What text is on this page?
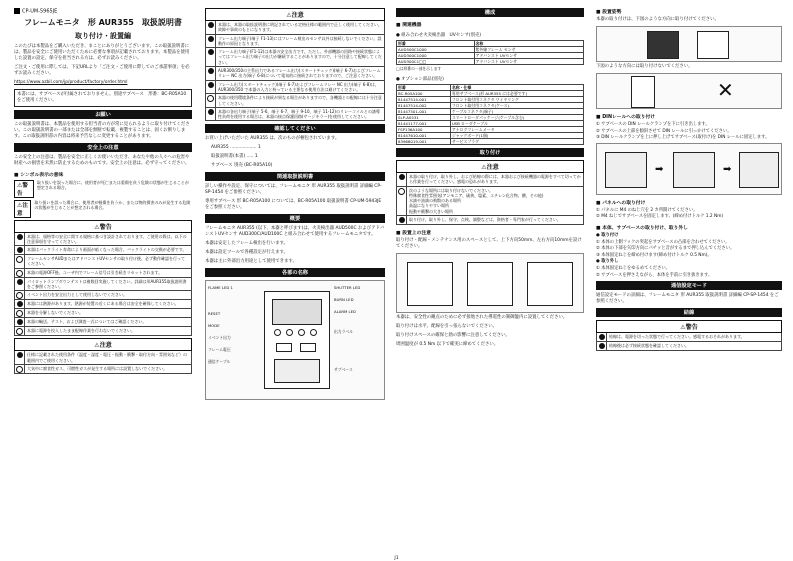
CP-UM-5965JE
フレームモニタ　形 AUR355　取扱説明書
取り付け・設置編
このたびは本製品をご購入いただき、まことにありがとうございます。この取扱説明書には、製品を安全にご使用いただくために必要な事項が記載されております。本製品を使用した設置の設定、保守を担当される方は、必ずお読みください。
ご注文・ご使用に際しては、下記URLより「ご注文・ご使用に際してのご承諾事項」を必ずお読みください。
https://www.azbil.com/jp/product/factory/order.html
本書には、サブベースが付属されておりません。別途サブベース　形番：BC-R05A10 をご使用ください。
お願い
この取扱説明書は、本製品を使用する担当者の方が常に見られるように取り付けてください。この取扱説明書の一部または全部を無断で転載、複製することは、固くお断りします。この取扱説明書の内容は将来予告なしに変更することがあります。
安全上の注意
この安全上の注意は、製品を安全に正しくお使いいただき、あなたや他の人々への危害や財産への損害を未然に防止するためのものです。安全上の注意は、必ず守ってください。
■ シンボル表示の意味
⚠警告
取り扱いを誤った場合に、使用者が死亡または重傷を負う危険の状態が生じることが想定される場合。
⚠注意
取り扱いを誤った場合に、使用者が軽傷を負うか、または物的損害のみが発生する危険の状態が生じることが想定される場合。
⚠警告
本器は、規格等の安全に関する規格に基づき設計されております。ご使用の際は、以下の注意事項を守ってください。
本器はバックライト寿命により画面が暗くなった場合、バックライトの交換が必要です。
フレームセンサAUDまたはアドバンストUVセンサの取り付け後、必ず動作確認を行ってください。
本器の電源OFF後、ユーザ内でフレーム信号は引き続きリセットされます。
パイロットランプダウンテストは複数回実施してください。詳細は形AUR355取扱説明書をご参照ください。
イベント出力を安全出力として使用しないでください。
本器には熱源があります。熱源が装置の近くにある場合は安全を確保してください。
本器を分解しないでください。
本器の輸送、テスト、および調査一式についてはご確認ください。
本器に電源を投入したまま配線作業を行わないでください。
⚠注意
仕様に記載された使用条件（温度・湿度・電圧・振動・衝撃・取付方向・雰囲気など）の範囲内でご使用ください。
大気中に腐食性ガス、可燃性ガスが発生する場所には設置しないでください。
⚠注意
本器は、本器の取扱説明書に明記されている定格仕様の範囲内で正しく使用してください。故障や事故のもとになります。
フレーム出力端子(端子 F1-13)にはフレーム検出のセンサ以外は接続しないでください。誤動作の原因となります。
フレーム出力端子(F1-12)は本器の安全出力です。ただし、外部機器の回路や接続状態によってはフレーム出力端子の出力が継続することがありますので、十分注意して配線してください。
AUR300/350の主系出力であるフレーム出力(スタートチェック)(端子 6-7)およびフレームリレー NC 出力(端子 6-8)について電気的に接続されておりますので、ご注意ください。
フレーム出力(スタートチェック)(端子 6-7)およびフレームリレー NC 出力(端子 6-8)は、AUR300/350 で本器の入力と持っている主要なる使用方法は避けてください。
本器の使用環境条件により接続が異なる場合がありますので、各機器との配線には十分注意してください。
本器の各出力端子(端子 5-6、端子 6-7、端子 9-10、端子 11-12)のリレーコイルとの誘導性負荷を使用する場合は、本器の接点保護回路(サージキラー)を使用してください。
確認してください
お買い上げいただいた AUR355 は、次のものが梱包されています。
AUR355 ................... 1
取扱説明書(本書) ..... 1
サブベース 別売 (BC-R05A10)
関連取扱説明書
詳しい操作や設定、保守については、フレームモニタ 形 AUR355 取扱説明書 詳細編 CP-SP-1454 をご参照ください。
専用サブベース 形 BC-R05A100 については、BC-R05A100 取扱説明書 CP-UM-5943JE をご参照ください。
概要
フレームモニタ AUR355 (以下、本器と呼びます)は、火炎検出器 AUD500C およびアドバンストUVセンサ AUD300C/AUD100C と組み合わせて使用するフレームモニタです。
本器は安定したフレーム検出を行います。
本器は設定ツールで各種設定が行えます。
本器は主に外部出力用途として使用できます。
各部の名称
FLAME LED 1
RESET
MODE
イベント出力
フレーム電圧
通信ケーブル
SHUTTER LED
BURN LED
ALARM LED
出力ラベル
サブベース
構成
■ 関連機器
● 組み合わせ火炎検出器　UVセンサ(別売)
形番	名称
AUD500C1000	紫外線フレーム センサ
AUD300C1000	アドバンスト UVセンサ
AUD300C1□□	アドバンスト UVセンサ
□は形番の一部を示します
● オプション部品(別売)
形番	名称・仕様
BC-R05A100	専用サブベース(形 AUR355 には必要です)
81447514-001	フロント取付用コネクタ ワイヤリング
81447514-002	フロント取付用コネクタ(ケース)
81447501-001	ケーブルコネクタ(端子)
SLP-AS531	スマートローダパッケージ(ケーブル含む)
81441177-001	USB ローダケーブル
FSP136A100	アナログフレームメータ
81447610-001	ジャックボード(1個)
83968019-001	サービスプラグ
取り付け
⚠注意
本器の取り付け、取り外し、および結線の際には、本器および接続機器の電源をすべて切ってから作業を行ってください。感電の恐れがあります。
次のような場所には取り付けないでください。
特殊腐食性雰囲気(アンモニア、硫黄、塩素、エチレン化合物、酸、その他)
水滴や油滴の飛散のある場所
高温になりやすい場所
振動や衝撃の大きい場所
取り付け、取り外し、保守、点検、調整などは、資格者・専門家が行ってください。
■ 設置上の注意
取り付け・配線・メンテナンス用のスペースとして、上下方向50mm、左右方向10mmを設けてください。
本器は、安全性の観点のために必ず接地された導電性の制御盤内に設置してください。
取り付けは水平、配線を引っ張らないでください。
取り付けスペースの確保と熱の影響に注意してください。
周囲温度が 0.5 Nm 以下で確実に締めてください。
■ 設置姿勢
本器の取り付けは、下図のような方向に取り付けてください。
下図のような方向には取り付けないでください。
✕
■ DINレールへの取り付け
① サブベースの DIN レールクランプを下に引き出します。
② サブベースの上部を傾斜させて DIN レールに引っかけてください。
③ DIN レールクランプを上に押し上げてサブベース(取付け)を DIN レールに固定します。
➡	➡
■ パネルへの取り付け
① パネルに M4 のねじ穴を 2 カ所開けてください。
② M4 ねじでサブベースを固定します。(締め付けトルク 1.2 Nm)
■ 本体、サブベースの取り付け、取り外し
● 取り付け
① 本体の上側フックの突起をサブベースの凸部を合わせてください。
② 本体の下部を矢印方向にパチッと音がするまで押し込んでください。
③ 本体固定ねじを締め付けます(締め付けトルク 0.5 Nm)。
● 取り外し
① 本体固定ねじをゆるめてください。
② サブベースを押さえながら、本体を手前に引き抜きます。
通信設定モード
通信設定モードの詳細は、フレームモニタ 形 AUR355 取扱説明書 詳細編 CP-SP-1454 をご参照ください。
結線
⚠警告
結線は、電源を切った状態で行ってください。感電するおそれがあります。
結線後は必ず接続状態を確認してください。
J1
